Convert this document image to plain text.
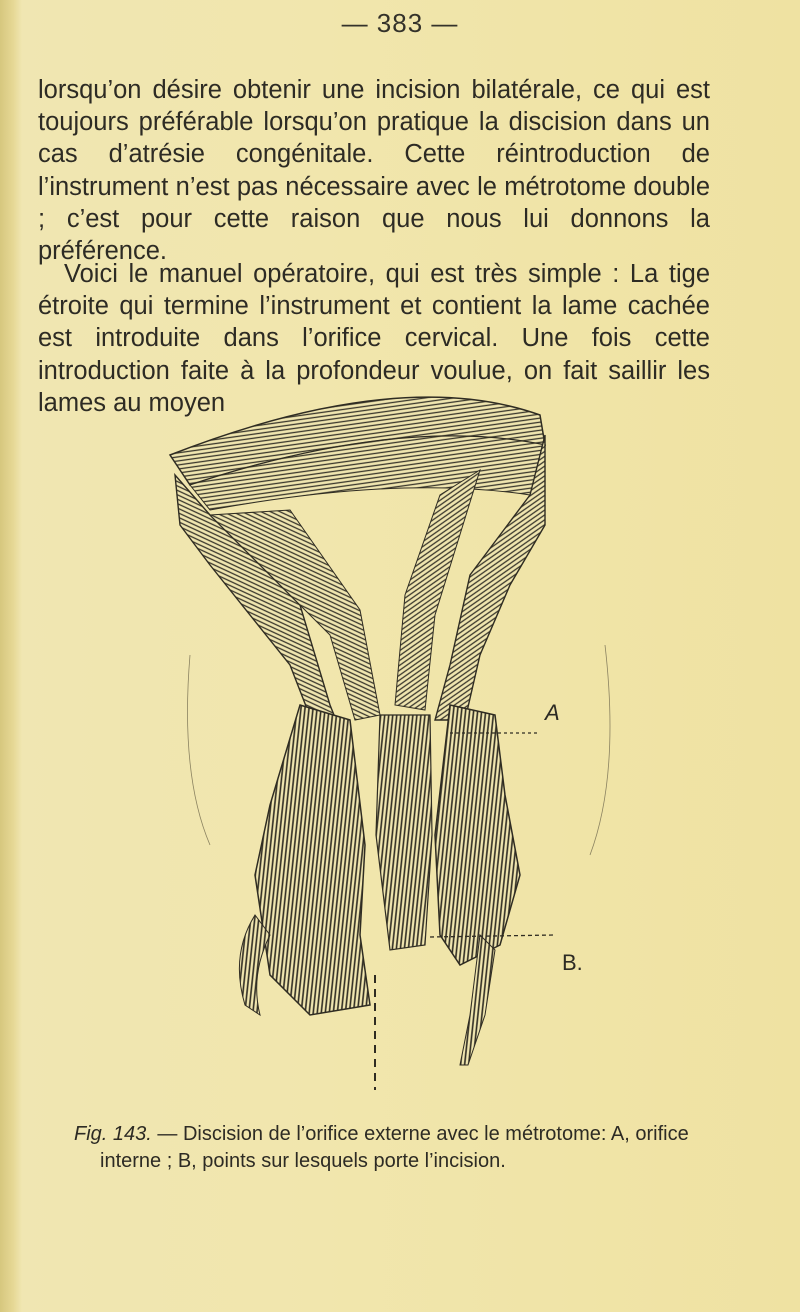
— 383 —
lorsqu’on désire obtenir une incision bilatérale, ce qui est toujours préférable lorsqu’on pratique la discision dans un cas d’atrésie congénitale. Cette réintroduction de l’instrument n’est pas nécessaire avec le métrotome double ; c’est pour cette raison que nous lui donnons la préférence.
Voici le manuel opératoire, qui est très simple : La tige étroite qui termine l’instrument et contient la lame cachée est introduite dans l’orifice cervical. Une fois cette introduction faite à la profondeur voulue, on fait saillir les lames au moyen
A
B.
Fig. 143. — Discision de l’orifice externe avec le métrotome: A, orifice
interne ; B, points sur lesquels porte l’incision.
